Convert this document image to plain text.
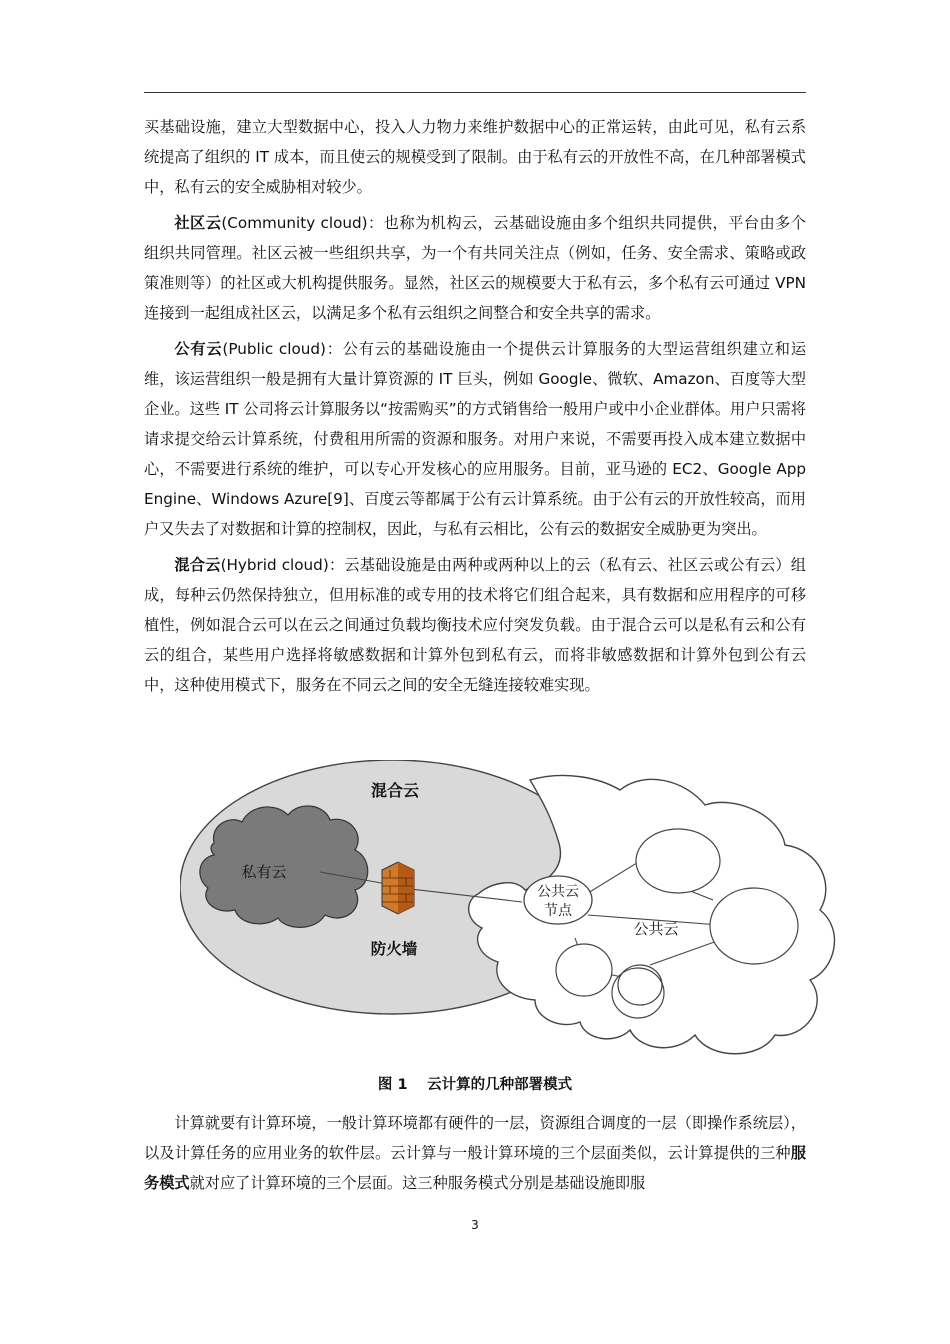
买基础设施，建立大型数据中心，投入人力物力来维护数据中心的正常运转，由此可见，私有云系统提高了组织的 IT 成本，而且使云的规模受到了限制。由于私有云的开放性不高，在几种部署模式中，私有云的安全威胁相对较少。

社区云(Community cloud)：也称为机构云，云基础设施由多个组织共同提供，平台由多个组织共同管理。社区云被一些组织共享，为一个有共同关注点（例如，任务、安全需求、策略或政策准则等）的社区或大机构提供服务。显然，社区云的规模要大于私有云，多个私有云可通过 VPN 连接到一起组成社区云，以满足多个私有云组织之间整合和安全共享的需求。

公有云(Public cloud)：公有云的基础设施由一个提供云计算服务的大型运营组织建立和运维，该运营组织一般是拥有大量计算资源的 IT 巨头，例如 Google、微软、Amazon、百度等大型企业。这些 IT 公司将云计算服务以“按需购买”的方式销售给一般用户或中小企业群体。用户只需将请求提交给云计算系统，付费租用所需的资源和服务。对用户来说，不需要再投入成本建立数据中心，不需要进行系统的维护，可以专心开发核心的应用服务。目前，亚马逊的 EC2、Google App Engine、Windows Azure[9]、百度云等都属于公有云计算系统。由于公有云的开放性较高，而用户又失去了对数据和计算的控制权，因此，与私有云相比，公有云的数据安全威胁更为突出。

混合云(Hybrid cloud)：云基础设施是由两种或两种以上的云（私有云、社区云或公有云）组成，每种云仍然保持独立，但用标准的或专用的技术将它们组合起来，具有数据和应用程序的可移植性，例如混合云可以在云之间通过负载均衡技术应付突发负载。由于混合云可以是私有云和公有云的组合，某些用户选择将敏感数据和计算外包到私有云，而将非敏感数据和计算外包到公有云中，这种使用模式下，服务在不同云之间的安全无缝连接较难实现。

混合云
私有云
防火墙
公共云
节点
公共云
图 1　 云计算的几种部署模式

计算就要有计算环境，一般计算环境都有硬件的一层，资源组合调度的一层（即操作系统层），以及计算任务的应用业务的软件层。云计算与一般计算环境的三个层面类似，云计算提供的三种服务模式就对应了计算环境的三个层面。这三种服务模式分别是基础设施即服

3
